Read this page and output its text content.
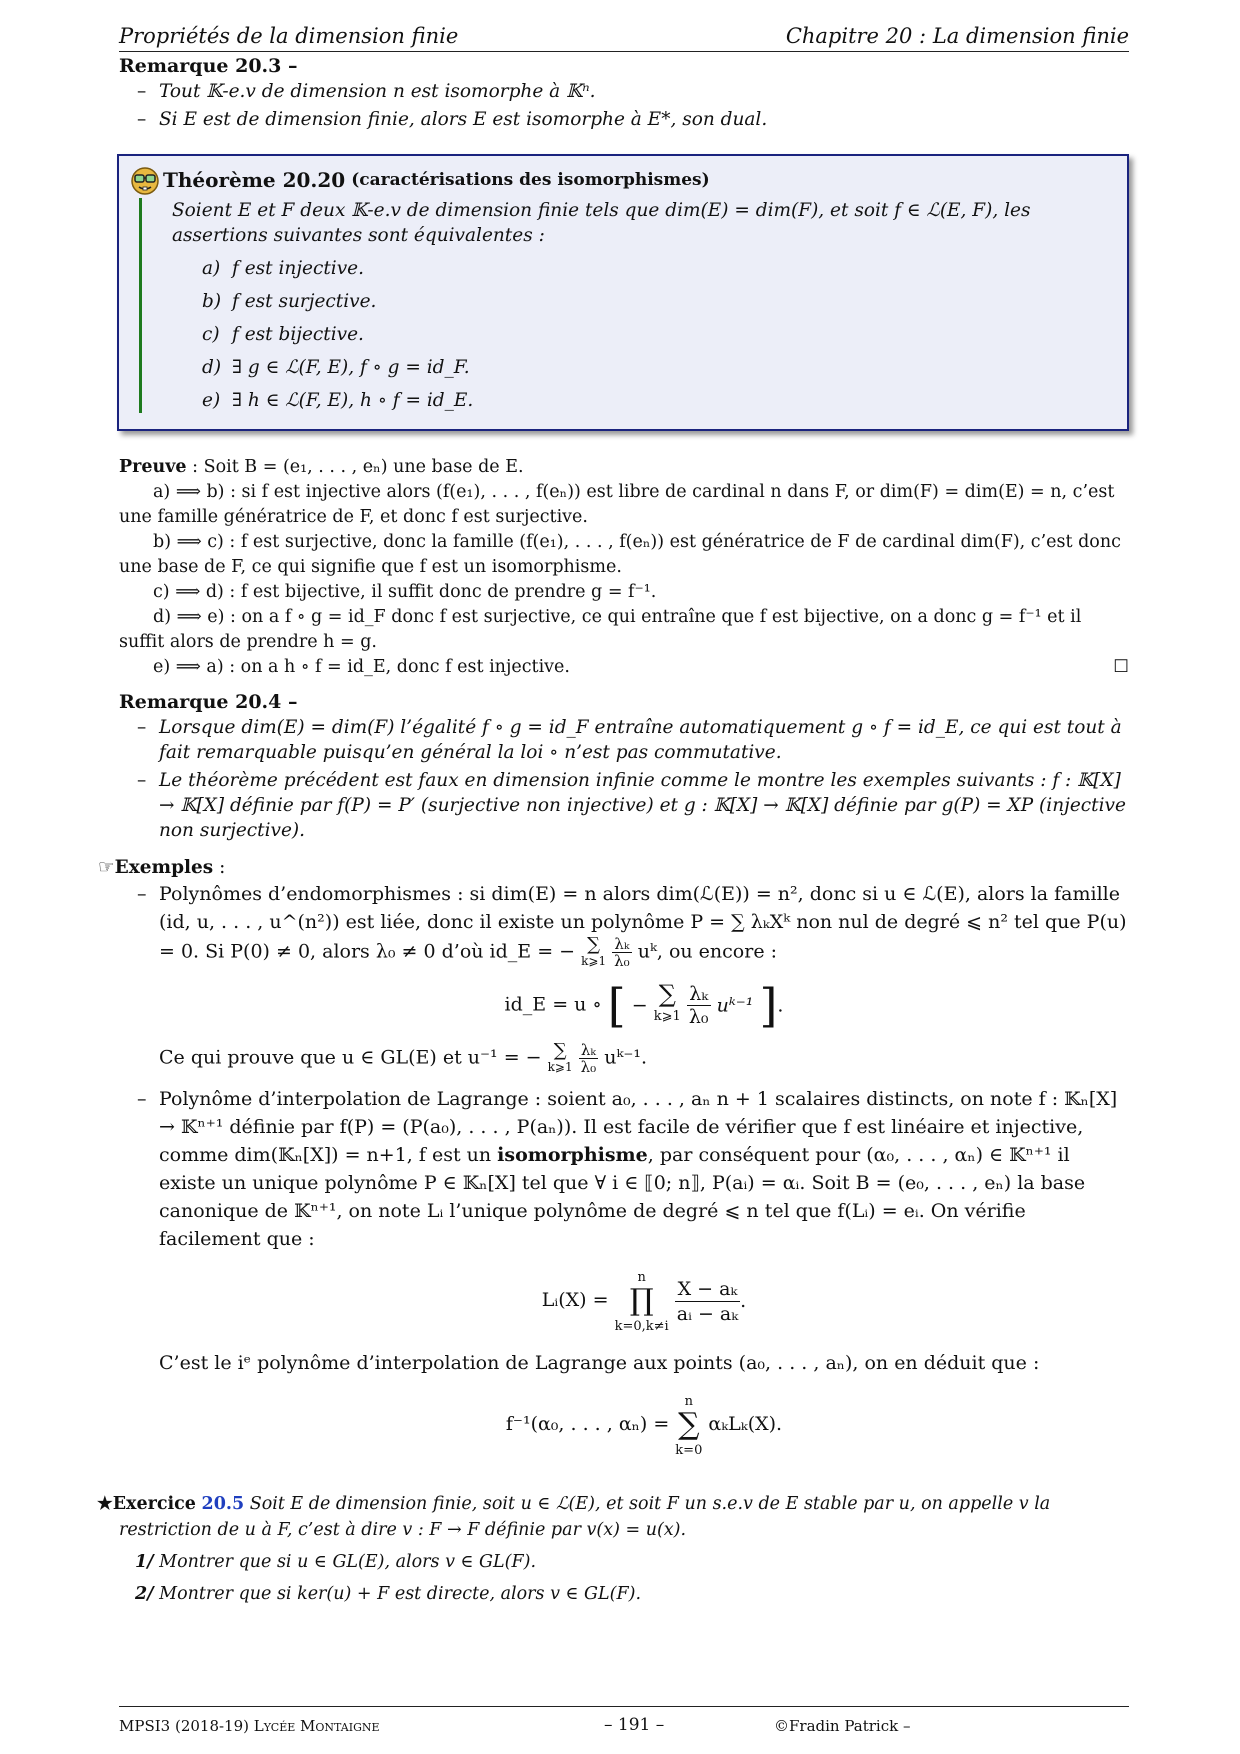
Propriétés de la dimension finie	Chapitre 20 : La dimension finie
Remarque 20.3 –
– Tout 𝕂-e.v de dimension n est isomorphe à 𝕂ⁿ.
– Si E est de dimension finie, alors E est isomorphe à E*, son dual.
Théorème 20.20 (caractérisations des isomorphismes)
Soient E et F deux 𝕂-e.v de dimension finie tels que dim(E) = dim(F), et soit f ∈ ℒ(E, F), les assertions suivantes sont équivalentes :
a) f est injective.
b) f est surjective.
c) f est bijective.
d) ∃ g ∈ ℒ(F, E), f ∘ g = id_F.
e) ∃ h ∈ ℒ(F, E), h ∘ f = id_E.

Preuve : Soit B = (e₁, . . . , eₙ) une base de E.

a) ⟹ b) : si f est injective alors (f(e₁), . . . , f(eₙ)) est libre de cardinal n dans F, or dim(F) = dim(E) = n, c’est une famille génératrice de F, et donc f est surjective.

b) ⟹ c) : f est surjective, donc la famille (f(e₁), . . . , f(eₙ)) est génératrice de F de cardinal dim(F), c’est donc une base de F, ce qui signifie que f est un isomorphisme.

c) ⟹ d) : f est bijective, il suffit donc de prendre g = f⁻¹.

d) ⟹ e) : on a f ∘ g = id_F donc f est surjective, ce qui entraîne que f est bijective, on a donc g = f⁻¹ et il suffit alors de prendre h = g.

e) ⟹ a) : on a h ∘ f = id_E, donc f est injective.	☐

Remarque 20.4 –
– Lorsque dim(E) = dim(F) l’égalité f ∘ g = id_F entraîne automatiquement g ∘ f = id_E, ce qui est tout à fait remarquable puisqu’en général la loi ∘ n’est pas commutative.
– Le théorème précédent est faux en dimension infinie comme le montre les exemples suivants : f : 𝕂[X] → 𝕂[X] définie par f(P) = P′ (surjective non injective) et g : 𝕂[X] → 𝕂[X] définie par g(P) = XP (injective non surjective).
☞Exemples :
– Polynômes d’endomorphismes : si dim(E) = n alors dim(ℒ(E)) = n², donc si u ∈ ℒ(E), alors la famille (id, u, . . . , u^(n²)) est liée, donc il existe un polynôme P = ∑ λₖXᵏ non nul de degré ⩽ n² tel que P(u) = 0. Si P(0) ≠ 0, alors λ₀ ≠ 0 d’où id_E = − ∑
k⩾1 $\frac{\text{λₖ}}{\text{λ₀}}$ uᵏ, ou encore :
id_E = u ∘ [ − ∑
k⩾1 $\frac{\text{λₖ}}{\text{λ₀}}$ uᵏ⁻¹ ].
Ce qui prouve que u ∈ GL(E) et u⁻¹ = − ∑
k⩾1 $\frac{\text{λₖ}}{\text{λ₀}}$ uᵏ⁻¹.
– Polynôme d’interpolation de Lagrange : soient a₀, . . . , aₙ n + 1 scalaires distincts, on note f : 𝕂ₙ[X] → 𝕂ⁿ⁺¹ définie par f(P) = (P(a₀), . . . , P(aₙ)). Il est facile de vérifier que f est linéaire et injective, comme dim(𝕂ₙ[X]) = n+1, f est un isomorphisme, par conséquent pour (α₀, . . . , αₙ) ∈ 𝕂ⁿ⁺¹ il existe un unique polynôme P ∈ 𝕂ₙ[X] tel que ∀ i ∈ ⟦0; n⟧, P(aᵢ) = αᵢ. Soit B = (e₀, . . . , eₙ) la base canonique de 𝕂ⁿ⁺¹, on note Lᵢ l’unique polynôme de degré ⩽ n tel que f(Lᵢ) = eᵢ. On vérifie facilement que :
Lᵢ(X) = n
∏
k=0,k≠i
$\frac{\text{X − aₖ}}{\text{aᵢ − aₖ}}$ .
C’est le iᵉ polynôme d’interpolation de Lagrange aux points (a₀, . . . , aₙ), on en déduit que :
f⁻¹(α₀, . . . , αₙ) = n
∑
k=0 αₖLₖ(X).
★Exercice 20.5 Soit E de dimension finie, soit u ∈ ℒ(E), et soit F un s.e.v de E stable par u, on appelle v la restriction de u à F, c’est à dire v : F → F définie par v(x) = u(x).
1/ Montrer que si u ∈ GL(E), alors v ∈ GL(F).
2/ Montrer que si ker(u) + F est directe, alors v ∈ GL(F).
MPSI3 (2018-19) Lycée Montaigne	– 191 –	©Fradin Patrick –
